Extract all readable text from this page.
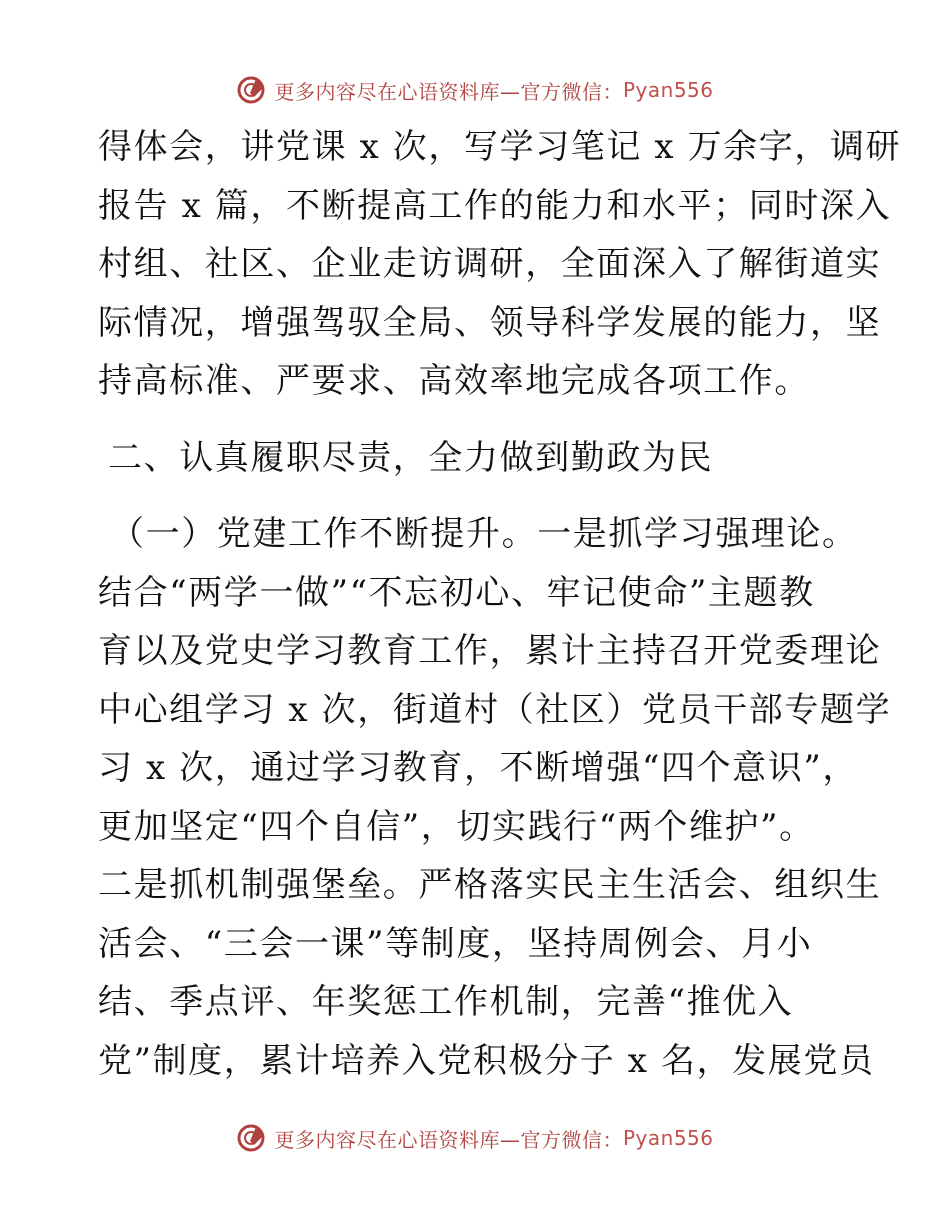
更多内容尽在心语资料库—官方微信： Pyan556
得体会，讲党课 x 次，写学习笔记 x 万余字，调研
报告 x 篇，不断提高工作的能力和水平；同时深入
村组、社区、企业走访调研，全面深入了解街道实
际情况，增强驾驭全局、领导科学发展的能力，坚
持高标准、严要求、高效率地完成各项工作。
二、认真履职尽责，全力做到勤政为民
（一）党建工作不断提升。一是抓学习强理论。
结合“两学一做”“不忘初心、牢记使命”主题教
育以及党史学习教育工作，累计主持召开党委理论
中心组学习 x 次，街道村（社区）党员干部专题学
习 x 次，通过学习教育，不断增强“四个意识”，
更加坚定“四个自信”，切实践行“两个维护”。
二是抓机制强堡垒。严格落实民主生活会、组织生
活会、“三会一课”等制度，坚持周例会、月小
结、季点评、年奖惩工作机制，完善“推优入
党”制度，累计培养入党积极分子 x 名，发展党员
更多内容尽在心语资料库—官方微信： Pyan556
